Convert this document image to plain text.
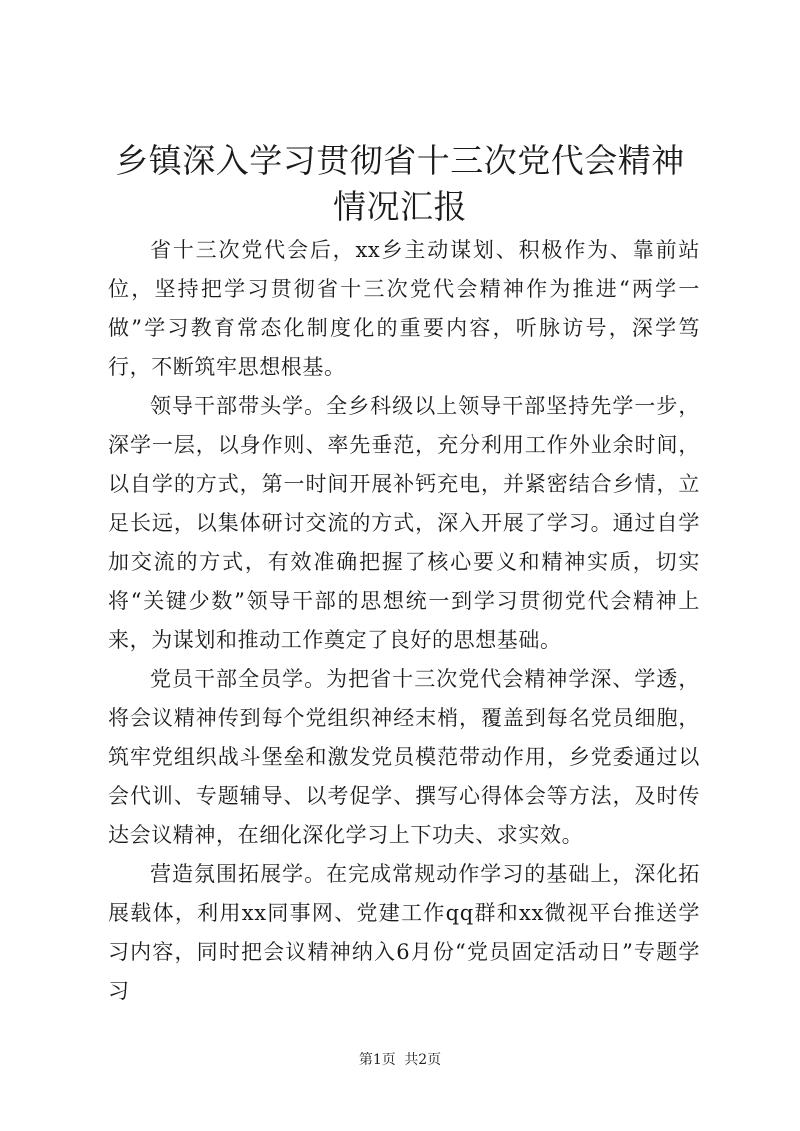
乡镇深入学习贯彻省十三次党代会精神情况汇报

省十三次党代会后，xx乡主动谋划、积极作为、靠前站位，坚持把学习贯彻省十三次党代会精神作为推进“两学一做”学习教育常态化制度化的重要内容，听脉访号，深学笃行，不断筑牢思想根基。

领导干部带头学。全乡科级以上领导干部坚持先学一步，深学一层，以身作则、率先垂范，充分利用工作外业余时间，以自学的方式，第一时间开展补钙充电，并紧密结合乡情，立足长远，以集体研讨交流的方式，深入开展了学习。通过自学加交流的方式，有效准确把握了核心要义和精神实质，切实将“关键少数”领导干部的思想统一到学习贯彻党代会精神上来，为谋划和推动工作奠定了良好的思想基础。

党员干部全员学。为把省十三次党代会精神学深、学透，将会议精神传到每个党组织神经末梢，覆盖到每名党员细胞，筑牢党组织战斗堡垒和激发党员模范带动作用，乡党委通过以会代训、专题辅导、以考促学、撰写心得体会等方法，及时传达会议精神，在细化深化学习上下功夫、求实效。

营造氛围拓展学。在完成常规动作学习的基础上，深化拓展载体，利用xx同事网、党建工作qq群和xx微视平台推送学习内容，同时把会议精神纳入6月份“党员固定活动日”专题学习

第1页 共2页
